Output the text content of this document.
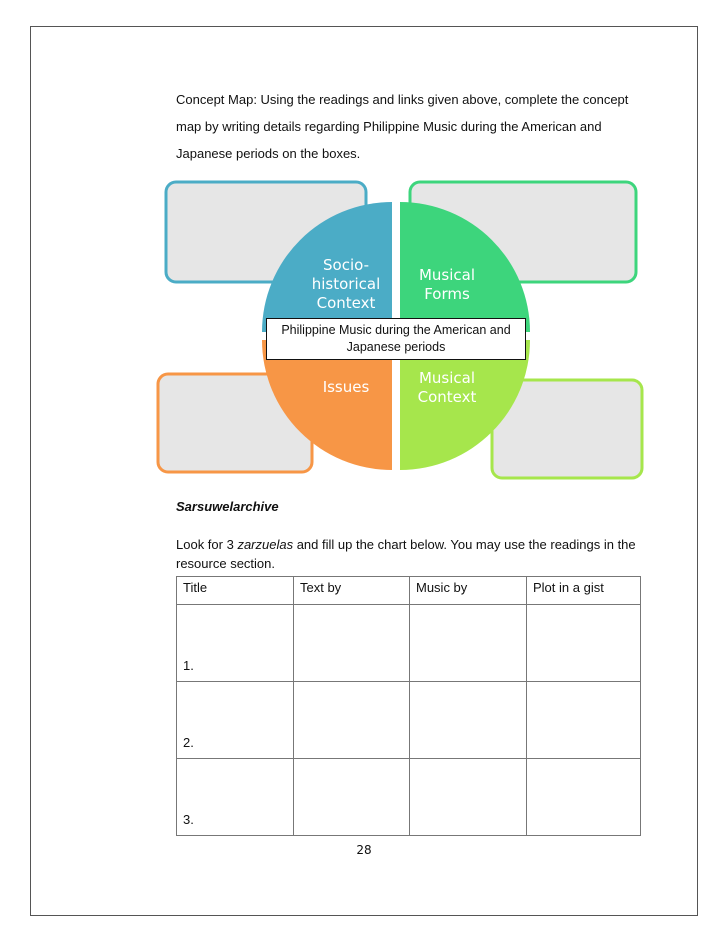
Concept Map: Using the readings and links given above, complete the concept map by writing details regarding Philippine Music during the American and Japanese periods on the boxes.

Socio-
historical
Context
Musical
Forms
Issues	Musical
Context
Philippine Music during the American and Japanese periods

Sarsuwelarchive

Look for 3 zarzuelas and fill up the chart below. You may use the readings in the resource section.

Title	Text by	Music by	Plot in a gist
1.			
2.			
3.			
28
